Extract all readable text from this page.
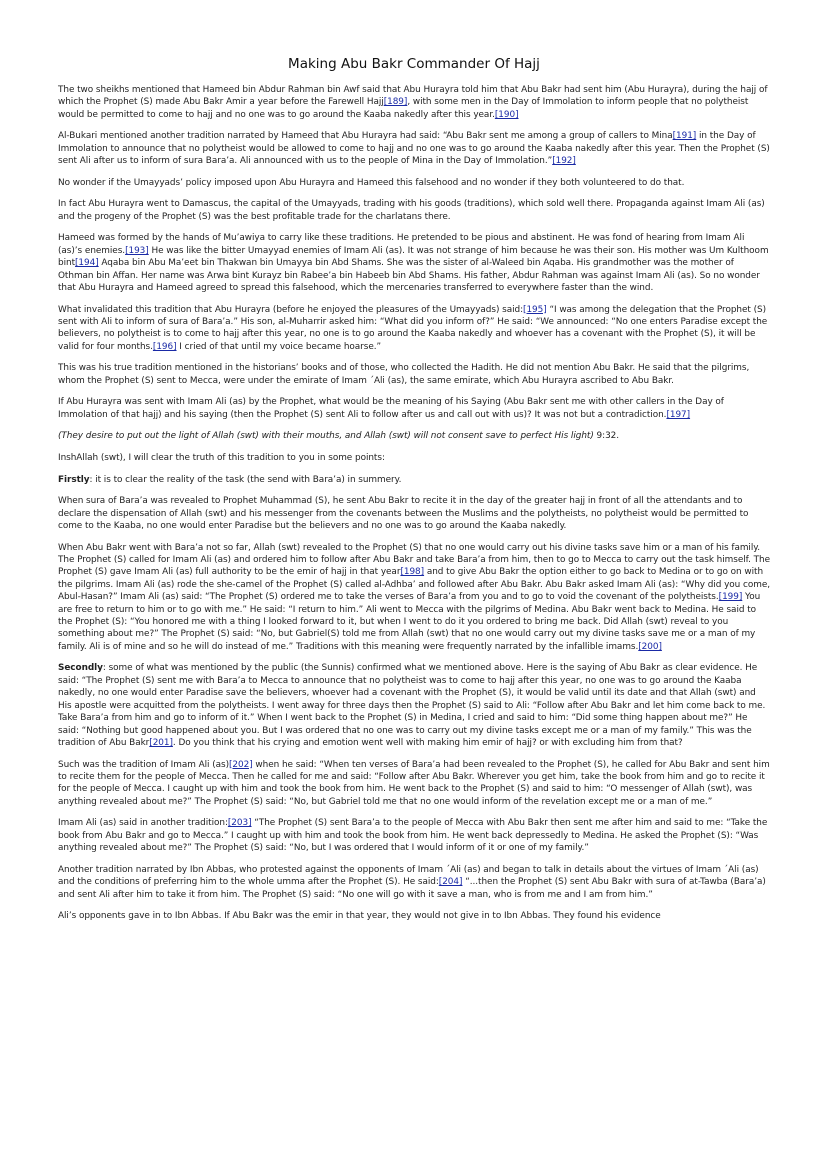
Making Abu Bakr Commander Of Hajj

The two sheikhs mentioned that Hameed bin Abdur Rahman bin Awf said that Abu Hurayra told him that Abu Bakr had sent him (Abu Hurayra), during the hajj of which the Prophet (S) made Abu Bakr Amir a year before the Farewell Hajj[189], with some men in the Day of Immolation to inform people that no polytheist would be permitted to come to hajj and no one was to go around the Kaaba nakedly after this year.[190]

Al-Bukari mentioned another tradition narrated by Hameed that Abu Hurayra had said: “Abu Bakr sent me among a group of callers to Mina[191] in the Day of Immolation to announce that no polytheist would be allowed to come to hajj and no one was to go around the Kaaba nakedly after this year. Then the Prophet (S) sent Ali after us to inform of sura Bara’a. Ali announced with us to the people of Mina in the Day of Immolation.”[192]

No wonder if the Umayyads’ policy imposed upon Abu Hurayra and Hameed this falsehood and no wonder if they both volunteered to do that.

In fact Abu Hurayra went to Damascus, the capital of the Umayyads, trading with his goods (traditions), which sold well there. Propaganda against Imam Ali (as) and the progeny of the Prophet (S) was the best profitable trade for the charlatans there.

Hameed was formed by the hands of Mu’awiya to carry like these traditions. He pretended to be pious and abstinent. He was fond of hearing from Imam Ali (as)’s enemies.[193] He was like the bitter Umayyad enemies of Imam Ali (as). It was not strange of him because he was their son. His mother was Um Kulthoom bint[194] Aqaba bin Abu Ma’eet bin Thakwan bin Umayya bin Abd Shams. She was the sister of al-Waleed bin Aqaba. His grandmother was the mother of Othman bin Affan. Her name was Arwa bint Kurayz bin Rabee’a bin Habeeb bin Abd Shams. His father, Abdur Rahman was against Imam Ali (as). So no wonder that Abu Hurayra and Hameed agreed to spread this falsehood, which the mercenaries transferred to everywhere faster than the wind.

What invalidated this tradition that Abu Hurayra (before he enjoyed the pleasures of the Umayyads) said:[195] “I was among the delegation that the Prophet (S) sent with Ali to inform of sura of Bara’a.” His son, al-Muharrir asked him: “What did you inform of?” He said: “We announced: “No one enters Paradise except the believers, no polytheist is to come to hajj after this year, no one is to go around the Kaaba nakedly and whoever has a covenant with the Prophet (S), it will be valid for four months.[196] I cried of that until my voice became hoarse.”

This was his true tradition mentioned in the historians’ books and of those, who collected the Hadith. He did not mention Abu Bakr. He said that the pilgrims, whom the Prophet (S) sent to Mecca, were under the emirate of Imam ´Ali (as), the same emirate, which Abu Hurayra ascribed to Abu Bakr.

If Abu Hurayra was sent with Imam Ali (as) by the Prophet, what would be the meaning of his Saying (Abu Bakr sent me with other callers in the Day of Immolation of that hajj) and his saying (then the Prophet (S) sent Ali to follow after us and call out with us)? It was not but a contradiction.[197]

(They desire to put out the light of Allah (swt) with their mouths, and Allah (swt) will not consent save to perfect His light) 9:32.

InshAllah (swt), I will clear the truth of this tradition to you in some points:

Firstly: it is to clear the reality of the task (the send with Bara’a) in summery.

When sura of Bara’a was revealed to Prophet Muhammad (S), he sent Abu Bakr to recite it in the day of the greater hajj in front of all the attendants and to declare the dispensation of Allah (swt) and his messenger from the covenants between the Muslims and the polytheists, no polytheist would be permitted to come to the Kaaba, no one would enter Paradise but the believers and no one was to go around the Kaaba nakedly.

When Abu Bakr went with Bara’a not so far, Allah (swt) revealed to the Prophet (S) that no one would carry out his divine tasks save him or a man of his family. The Prophet (S) called for Imam Ali (as) and ordered him to follow after Abu Bakr and take Bara’a from him, then to go to Mecca to carry out the task himself. The Prophet (S) gave Imam Ali (as) full authority to be the emir of hajj in that year[198] and to give Abu Bakr the option either to go back to Medina or to go on with the pilgrims. Imam Ali (as) rode the she-camel of the Prophet (S) called al-Adhba’ and followed after Abu Bakr. Abu Bakr asked Imam Ali (as): “Why did you come, Abul-Hasan?” Imam Ali (as) said: “The Prophet (S) ordered me to take the verses of Bara’a from you and to go to void the covenant of the polytheists.[199] You are free to return to him or to go with me.” He said: “I return to him.” Ali went to Mecca with the pilgrims of Medina. Abu Bakr went back to Medina. He said to the Prophet (S): “You honored me with a thing I looked forward to it, but when I went to do it you ordered to bring me back. Did Allah (swt) reveal to you something about me?” The Prophet (S) said: “No, but Gabriel(S) told me from Allah (swt) that no one would carry out my divine tasks save me or a man of my family. Ali is of mine and so he will do instead of me.” Traditions with this meaning were frequently narrated by the infallible imams.[200]

Secondly: some of what was mentioned by the public (the Sunnis) confirmed what we mentioned above. Here is the saying of Abu Bakr as clear evidence. He said: “The Prophet (S) sent me with Bara’a to Mecca to announce that no polytheist was to come to hajj after this year, no one was to go around the Kaaba nakedly, no one would enter Paradise save the believers, whoever had a covenant with the Prophet (S), it would be valid until its date and that Allah (swt) and His apostle were acquitted from the polytheists. I went away for three days then the Prophet (S) said to Ali: “Follow after Abu Bakr and let him come back to me. Take Bara’a from him and go to inform of it.” When I went back to the Prophet (S) in Medina, I cried and said to him: “Did some thing happen about me?” He said: “Nothing but good happened about you. But I was ordered that no one was to carry out my divine tasks except me or a man of my family.” This was the tradition of Abu Bakr[201]. Do you think that his crying and emotion went well with making him emir of hajj? or with excluding him from that?

Such was the tradition of Imam Ali (as)[202] when he said: “When ten verses of Bara’a had been revealed to the Prophet (S), he called for Abu Bakr and sent him to recite them for the people of Mecca. Then he called for me and said: “Follow after Abu Bakr. Wherever you get him, take the book from him and go to recite it for the people of Mecca. I caught up with him and took the book from him. He went back to the Prophet (S) and said to him: “O messenger of Allah (swt), was anything revealed about me?” The Prophet (S) said: “No, but Gabriel told me that no one would inform of the revelation except me or a man of me.”

Imam Ali (as) said in another tradition:[203] “The Prophet (S) sent Bara’a to the people of Mecca with Abu Bakr then sent me after him and said to me: “Take the book from Abu Bakr and go to Mecca.” I caught up with him and took the book from him. He went back depressedly to Medina. He asked the Prophet (S): “Was anything revealed about me?” The Prophet (S) said: “No, but I was ordered that I would inform of it or one of my family.”

Another tradition narrated by Ibn Abbas, who protested against the opponents of Imam ´Ali (as) and began to talk in details about the virtues of Imam ´Ali (as) and the conditions of preferring him to the whole umma after the Prophet (S). He said:[204] “...then the Prophet (S) sent Abu Bakr with sura of at-Tawba (Bara’a) and sent Ali after him to take it from him. The Prophet (S) said: “No one will go with it save a man, who is from me and I am from him.”

Ali’s opponents gave in to Ibn Abbas. If Abu Bakr was the emir in that year, they would not give in to Ibn Abbas. They found his evidence
